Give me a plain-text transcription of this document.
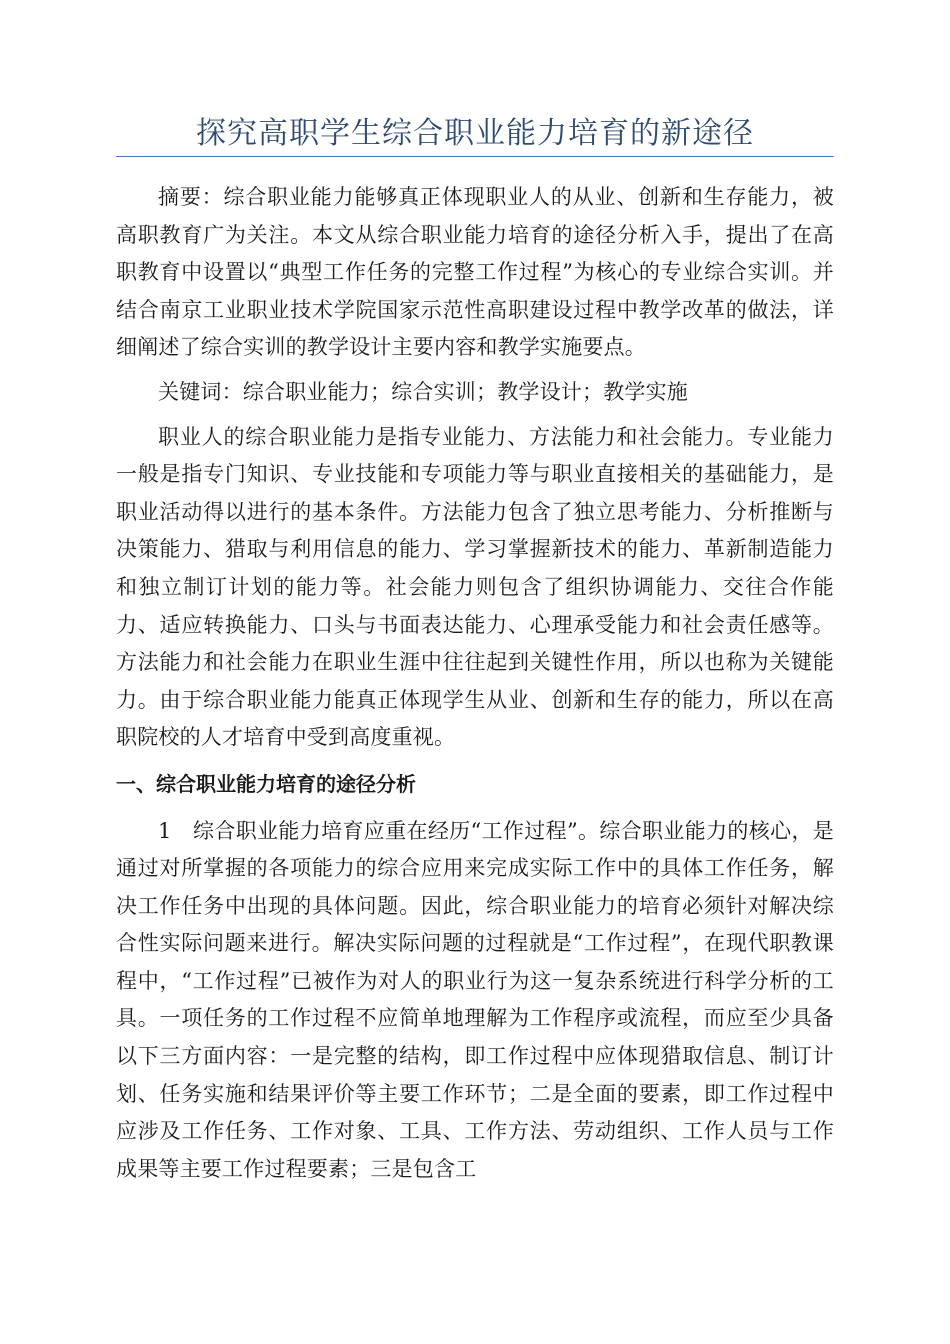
探究高职学生综合职业能力培育的新途径

摘要：综合职业能力能够真正体现职业人的从业、创新和生存能力，被高职教育广为关注。本文从综合职业能力培育的途径分析入手，提出了在高职教育中设置以“典型工作任务的完整工作过程”为核心的专业综合实训。并结合南京工业职业技术学院国家示范性高职建设过程中教学改革的做法，详细阐述了综合实训的教学设计主要内容和教学实施要点。

关键词：综合职业能力；综合实训；教学设计；教学实施

职业人的综合职业能力是指专业能力、方法能力和社会能力。专业能力一般是指专门知识、专业技能和专项能力等与职业直接相关的基础能力，是职业活动得以进行的基本条件。方法能力包含了独立思考能力、分析推断与决策能力、猎取与利用信息的能力、学习掌握新技术的能力、革新制造能力和独立制订计划的能力等。社会能力则包含了组织协调能力、交往合作能力、适应转换能力、口头与书面表达能力、心理承受能力和社会责任感等。方法能力和社会能力在职业生涯中往往起到关键性作用，所以也称为关键能力。由于综合职业能力能真正体现学生从业、创新和生存的能力，所以在高职院校的人才培育中受到高度重视。

一、综合职业能力培育的途径分析

1　综合职业能力培育应重在经历“工作过程”。综合职业能力的核心，是通过对所掌握的各项能力的综合应用来完成实际工作中的具体工作任务，解决工作任务中出现的具体问题。因此，综合职业能力的培育必须针对解决综合性实际问题来进行。解决实际问题的过程就是“工作过程”，在现代职教课程中，“工作过程”已被作为对人的职业行为这一复杂系统进行科学分析的工具。一项任务的工作过程不应简单地理解为工作程序或流程，而应至少具备以下三方面内容：一是完整的结构，即工作过程中应体现猎取信息、制订计划、任务实施和结果评价等主要工作环节；二是全面的要素，即工作过程中应涉及工作任务、工作对象、工具、工作方法、劳动组织、工作人员与工作成果等主要工作过程要素；三是包含工
